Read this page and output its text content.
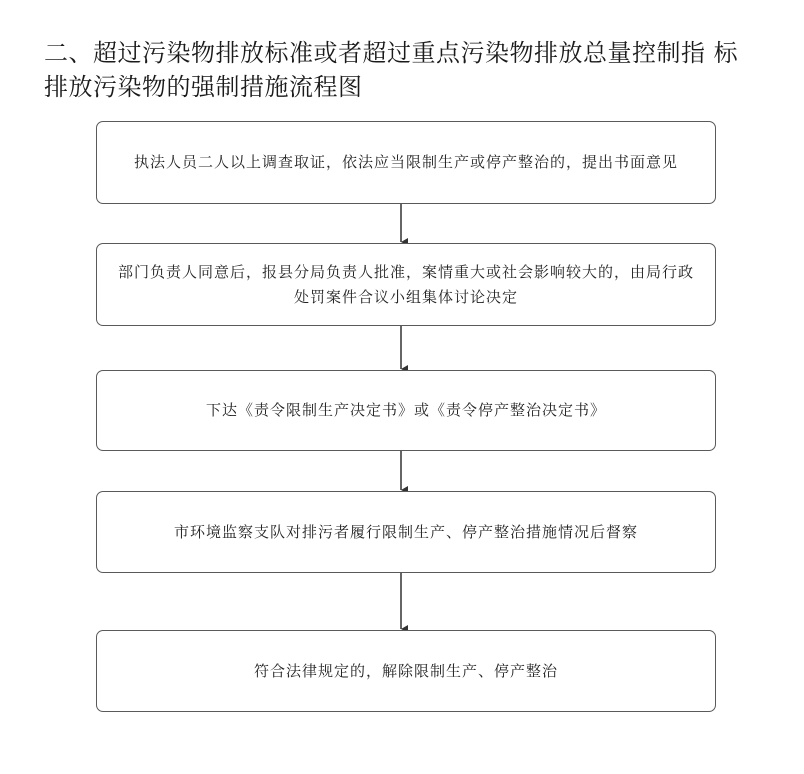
二、超过污染物排放标准或者超过重点污染物排放总量控制指 标
排放污染物的强制措施流程图
执法人员二人以上调查取证，依法应当限制生产或停产整治的，提出书面意见
部门负责人同意后，报县分局负责人批准，案情重大或社会影响较大的，由局行政处罚案件合议小组集体讨论决定
下达《责令限制生产决定书》或《责令停产整治决定书》
市环境监察支队对排污者履行限制生产、停产整治措施情况后督察
符合法律规定的，解除限制生产、停产整治
